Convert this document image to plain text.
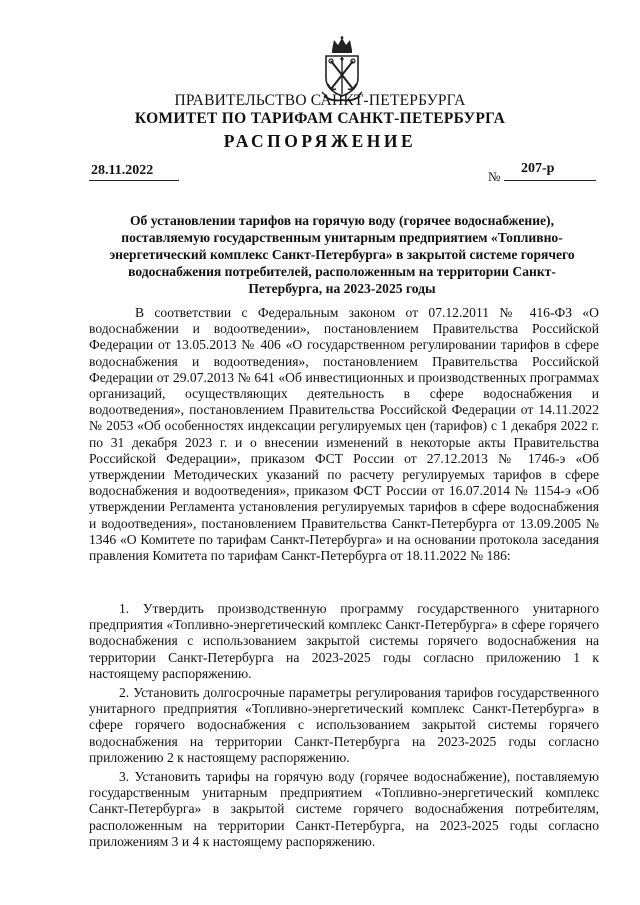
ПРАВИТЕЛЬСТВО САНКТ-ПЕТЕРБУРГА
КОМИТЕТ ПО ТАРИФАМ САНКТ-ПЕТЕРБУРГА
РАСПОРЯЖЕНИЕ
28.11.2022	№
207-р
Об установлении тарифов на горячую воду (горячее водоснабжение), поставляемую государственным унитарным предприятием «Топливно-энергетический комплекс Санкт-Петербурга» в закрытой системе горячего водоснабжения потребителей, расположенным на территории Санкт-Петербурга, на 2023-2025 годы
В соответствии с Федеральным законом от 07.12.2011 № 416-ФЗ «О водоснабжении и водоотведении», постановлением Правительства Российской Федерации от 13.05.2013 № 406 «О государственном регулировании тарифов в сфере водоснабжения и водоотведения», постановлением Правительства Российской Федерации от 29.07.2013 № 641 «Об инвестиционных и производственных программах организаций, осуществляющих деятельность в сфере водоснабжения и водоотведения», постановлением Правительства Российской Федерации от 14.11.2022 № 2053 «Об особенностях индексации регулируемых цен (тарифов) с 1 декабря 2022 г. по 31 декабря 2023 г. и о внесении изменений в некоторые акты Правительства Российской Федерации», приказом ФСТ России от 27.12.2013 № 1746-э «Об утверждении Методических указаний по расчету регулируемых тарифов в сфере водоснабжения и водоотведения», приказом ФСТ России от 16.07.2014 № 1154-э «Об утверждении Регламента установления регулируемых тарифов в сфере водоснабжения и водоотведения», постановлением Правительства Санкт-Петербурга от 13.09.2005 № 1346 «О Комитете по тарифам Санкт-Петербурга» и на основании протокола заседания правления Комитета по тарифам Санкт-Петербурга от 18.11.2022 № 186:

1. Утвердить производственную программу государственного унитарного предприятия «Топливно-энергетический комплекс Санкт-Петербурга» в сфере горячего водоснабжения с использованием закрытой системы горячего водоснабжения на территории Санкт-Петербурга на 2023-2025 годы согласно приложению 1 к настоящему распоряжению.

2. Установить долгосрочные параметры регулирования тарифов государственного унитарного предприятия «Топливно-энергетический комплекс Санкт-Петербурга» в сфере горячего водоснабжения с использованием закрытой системы горячего водоснабжения на территории Санкт-Петербурга на 2023-2025 годы согласно приложению 2 к настоящему распоряжению.

3. Установить тарифы на горячую воду (горячее водоснабжение), поставляемую государственным унитарным предприятием «Топливно-энергетический комплекс Санкт-Петербурга» в закрытой системе горячего водоснабжения потребителям, расположенным на территории Санкт-Петербурга, на 2023-2025 годы согласно приложениям 3 и 4 к настоящему распоряжению.
